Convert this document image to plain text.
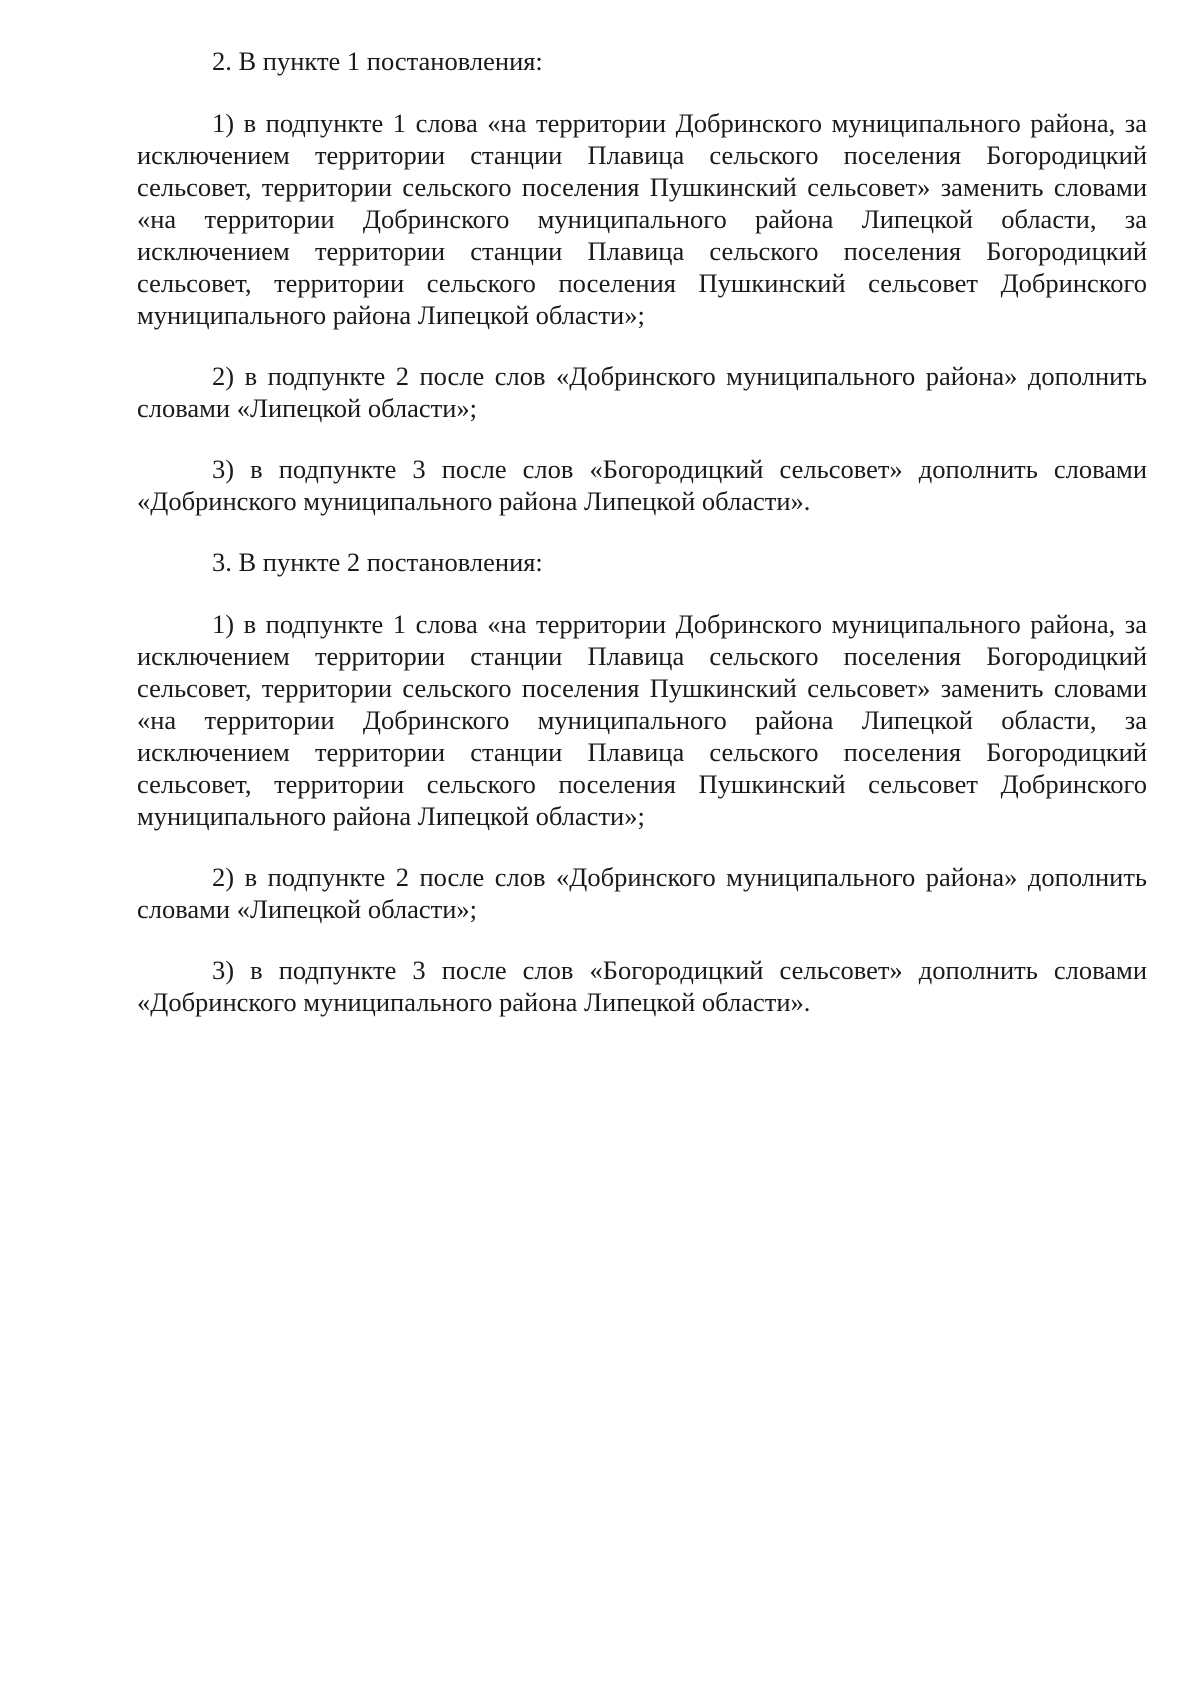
2. В пункте 1 постановления:

1) в подпункте 1 слова «на территории Добринского муниципального района, за исключением территории станции Плавица сельского поселения Богородицкий сельсовет, территории сельского поселения Пушкинский сельсовет» заменить словами «на территории Добринского муниципального района Липецкой области, за исключением территории станции Плавица сельского поселения Богородицкий сельсовет, территории сельского поселения Пушкинский сельсовет Добринского муниципального района Липецкой области»;

2) в подпункте 2 после слов «Добринского муниципального района» дополнить словами «Липецкой области»;

3) в подпункте 3 после слов «Богородицкий сельсовет» дополнить словами «Добринского муниципального района Липецкой области».

3. В пункте 2 постановления:

1) в подпункте 1 слова «на территории Добринского муниципального района, за исключением территории станции Плавица сельского поселения Богородицкий сельсовет, территории сельского поселения Пушкинский сельсовет» заменить словами «на территории Добринского муниципального района Липецкой области, за исключением территории станции Плавица сельского поселения Богородицкий сельсовет, территории сельского поселения Пушкинский сельсовет Добринского муниципального района Липецкой области»;

2) в подпункте 2 после слов «Добринского муниципального района» дополнить словами «Липецкой области»;

3) в подпункте 3 после слов «Богородицкий сельсовет» дополнить словами «Добринского муниципального района Липецкой области».
